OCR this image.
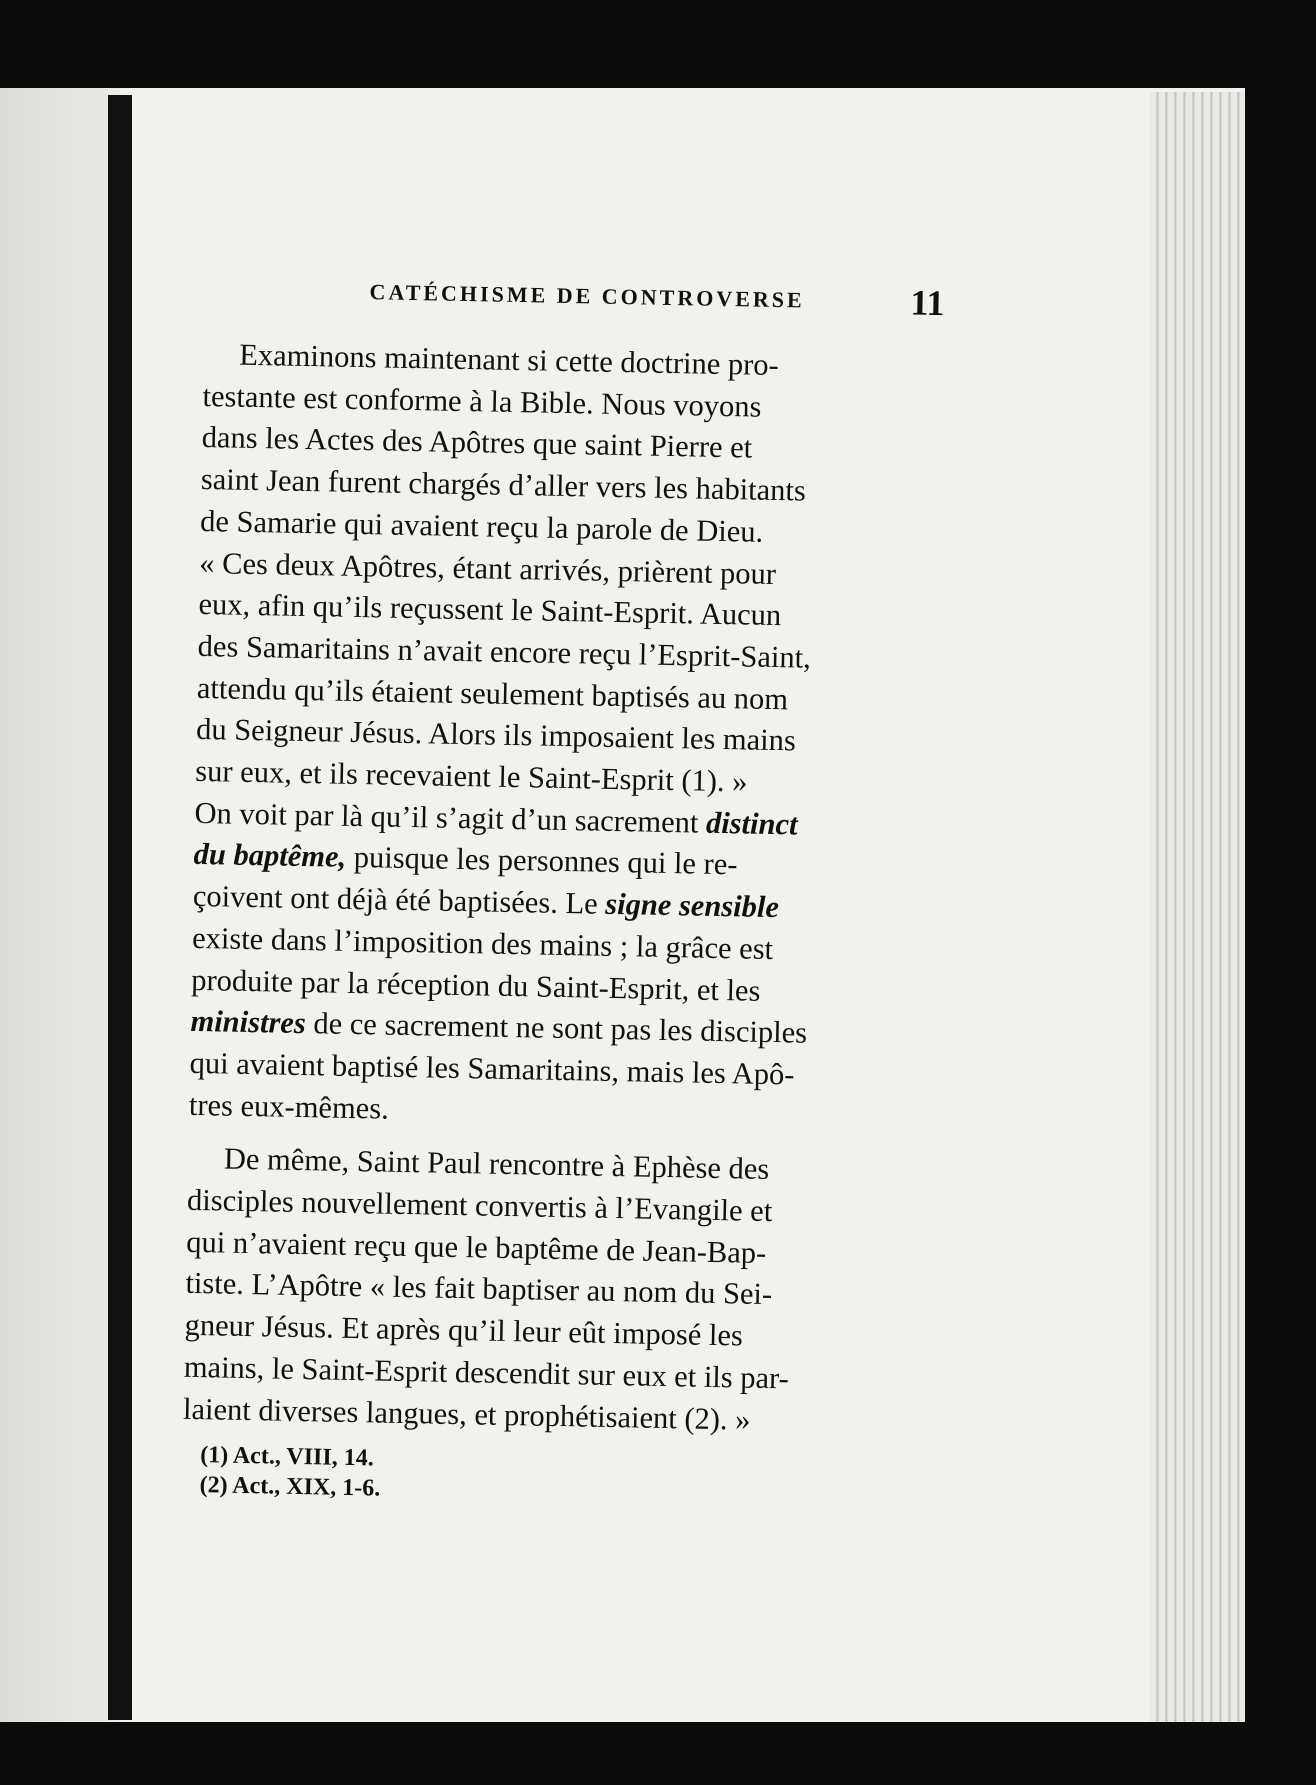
CATÉCHISME DE CONTROVERSE	11

Examinons maintenant si cette doctrine pro-
testante est conforme à la Bible. Nous voyons
dans les Actes des Apôtres que saint Pierre et
saint Jean furent chargés d’aller vers les habitants
de Samarie qui avaient reçu la parole de Dieu.
« Ces deux Apôtres, étant arrivés, prièrent pour
eux, afin qu’ils reçussent le Saint-Esprit. Aucun
des Samaritains n’avait encore reçu l’Esprit-Saint,
attendu qu’ils étaient seulement baptisés au nom
du Seigneur Jésus. Alors ils imposaient les mains
sur eux, et ils recevaient le Saint-Esprit (1). »
On voit par là qu’il s’agit d’un sacrement distinct
du baptême, puisque les personnes qui le re-
çoivent ont déjà été baptisées. Le signe sensible
existe dans l’imposition des mains ; la grâce est
produite par la réception du Saint-Esprit, et les
ministres de ce sacrement ne sont pas les disciples
qui avaient baptisé les Samaritains, mais les Apô-
tres eux-mêmes.

De même, Saint Paul rencontre à Ephèse des
disciples nouvellement convertis à l’Evangile et
qui n’avaient reçu que le baptême de Jean-Bap-
tiste. L’Apôtre « les fait baptiser au nom du Sei-
gneur Jésus. Et après qu’il leur eût imposé les
mains, le Saint-Esprit descendit sur eux et ils par-
laient diverses langues, et prophétisaient (2). »

(1) Act., VIII, 14.
(2) Act., XIX, 1-6.
